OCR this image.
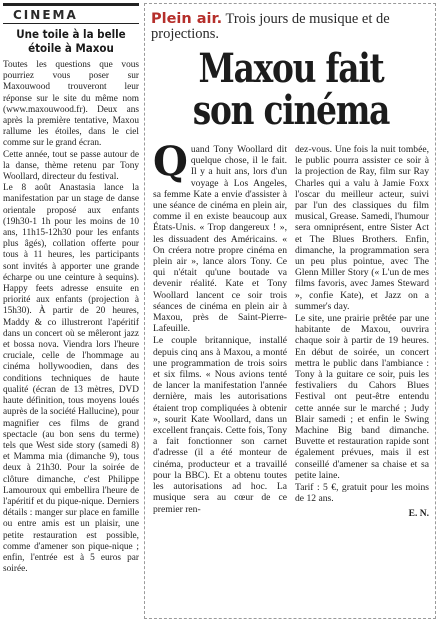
CINEMA
Une toile à la belle étoile à Maxou

Toutes les questions que vous pourriez vous poser sur Maxouwood trouveront leur réponse sur le site du même nom (www.maxouwood.fr). Deux ans après la première tentative, Maxou rallume les étoiles, dans le ciel comme sur le grand écran.

Cette année, tout se passe autour de la danse, thème retenu par Tony Woollard, directeur du festival.

Le 8 août Anastasia lance la manifestation par un stage de danse orientale proposé aux enfants (19h30-1 1h pour les moins de 10 ans, 11h15-12h30 pour les enfants plus âgés), collation offerte pour tous à 11 heures, les participants sont invités à apporter une grande écharpe ou une ceinture à sequins). Happy feets adresse ensuite en priorité aux enfants (projection à 15h30). À partir de 20 heures, Maddy & co illustreront l'apéritif dans un concert où se mêleront jazz et bossa nova. Viendra lors l'heure cruciale, celle de l'hommage au cinéma hollywoodien, dans des conditions techniques de haute qualité (écran de 13 mètres, DVD haute définition, tous moyens loués auprès de la société Hallucine), pour magnifier ces films de grand spectacle (au bon sens du terme) tels que West side story (samedi 8) et Mamma mia (dimanche 9), tous deux à 21h30. Pour la soirée de clôture dimanche, c'est Philippe Lamouroux qui embellira l'heure de l'apéritif et du pique-nique. Derniers détails : manger sur place en famille ou entre amis est un plaisir, une petite restauration est possible, comme d'amener son pique-nique ; enfin, l'entrée est à 5 euros par soirée.

Plein air. Trois jours de musique et de projections.
Maxou fait son cinéma

Quand Tony Woollard dit quelque chose, il le fait. Il y a huit ans, lors d'un voyage à Los Angeles, sa femme Kate a envie d'assister à une séance de cinéma en plein air, comme il en existe beaucoup aux États-Unis. « Trop dangereux ! », les dissuadent des Américains. « On créera notre propre cinéma en plein air », lance alors Tony. Ce qui n'était qu'une boutade va devenir réalité. Kate et Tony Woollard lancent ce soir trois séances de cinéma en plein air à Maxou, près de Saint-Pierre-Lafeuille.

Le couple britannique, installé depuis cinq ans à Maxou, a monté une programmation de trois soirs et six films. « Nous avions tenté de lancer la manifestation l'année dernière, mais les autorisations étaient trop compliquées à obtenir », sourit Kate Woollard, dans un excellent français. Cette fois, Tony a fait fonctionner son carnet d'adresse (il a été monteur de cinéma, producteur et a travaillé pour la BBC). Et a obtenu toutes les autorisations ad hoc. La musique sera au cœur de ce premier ren-

dez-vous. Une fois la nuit tombée, le public pourra assister ce soir à la projection de Ray, film sur Ray Charles qui a valu à Jamie Foxx l'oscar du meilleur acteur, suivi par l'un des classiques du film musical, Grease. Samedi, l'humour sera omniprésent, entre Sister Act et The Blues Brothers. Enfin, dimanche, la programmation sera un peu plus pointue, avec The Glenn Miller Story (« L'un de mes films favoris, avec James Steward », confie Kate), et Jazz on a summer's day.

Le site, une prairie prêtée par une habitante de Maxou, ouvrira chaque soir à partir de 19 heures. En début de soirée, un concert mettra le public dans l'ambiance : Tony à la guitare ce soir, puis les festivaliers du Cahors Blues Festival ont peut-être entendu cette année sur le marché ; Judy Blair samedi ; et enfin le Swing Machine Big band dimanche. Buvette et restauration rapide sont également prévues, mais il est conseillé d'amener sa chaise et sa petite laine.

Tarif : 5 €, gratuit pour les moins de 12 ans.

E. N.
